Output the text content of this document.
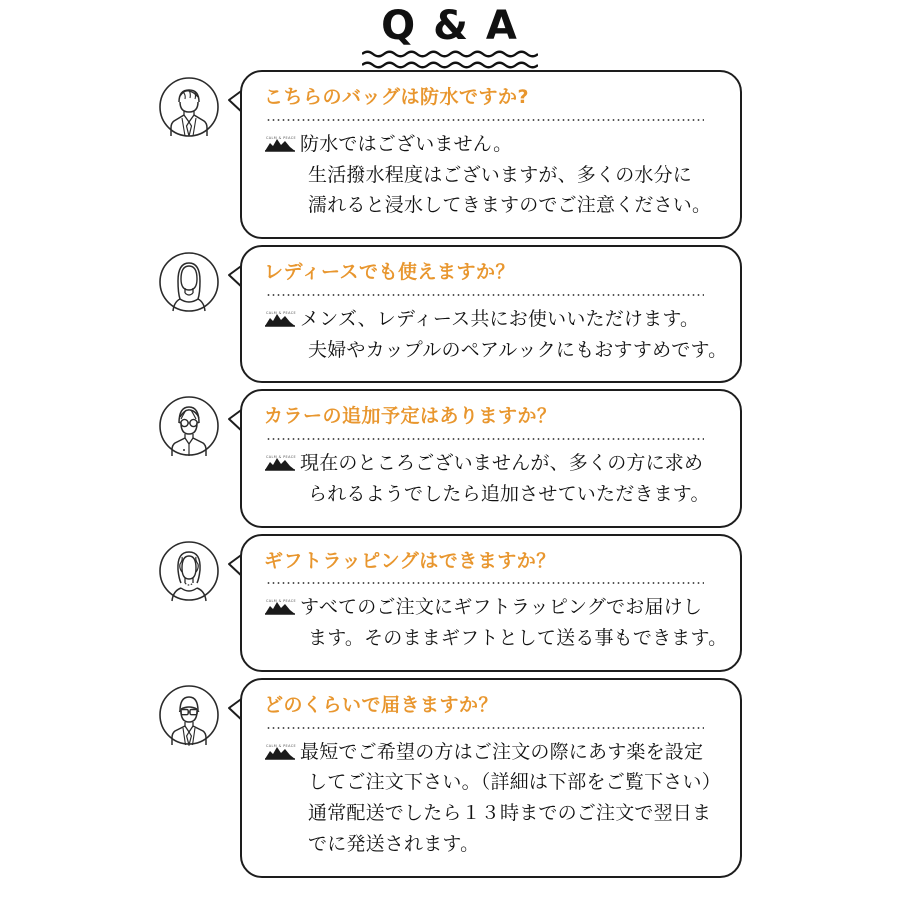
Q & A
こちらのバッグは防水ですか?
CALM & PEACE 防水ではございません。
生活撥水程度はございますが、多くの水分に
濡れると浸水してきますのでご注意ください。
レディースでも使えますか？
CALM & PEACE メンズ、レディース共にお使いいただけます。
夫婦やカップルのペアルックにもおすすめです。
カラーの追加予定はありますか？
CALM & PEACE 現在のところございませんが、多くの方に求め
られるようでしたら追加させていただきます。
ギフトラッピングはできますか？
CALM & PEACE すべてのご注文にギフトラッピングでお届けし
ます。そのままギフトとして送る事もできます。
どのくらいで届きますか？
CALM & PEACE 最短でご希望の方はご注文の際にあす楽を設定
してご注文下さい。（詳細は下部をご覧下さい）
通常配送でしたら１３時までのご注文で翌日ま
でに発送されます。
